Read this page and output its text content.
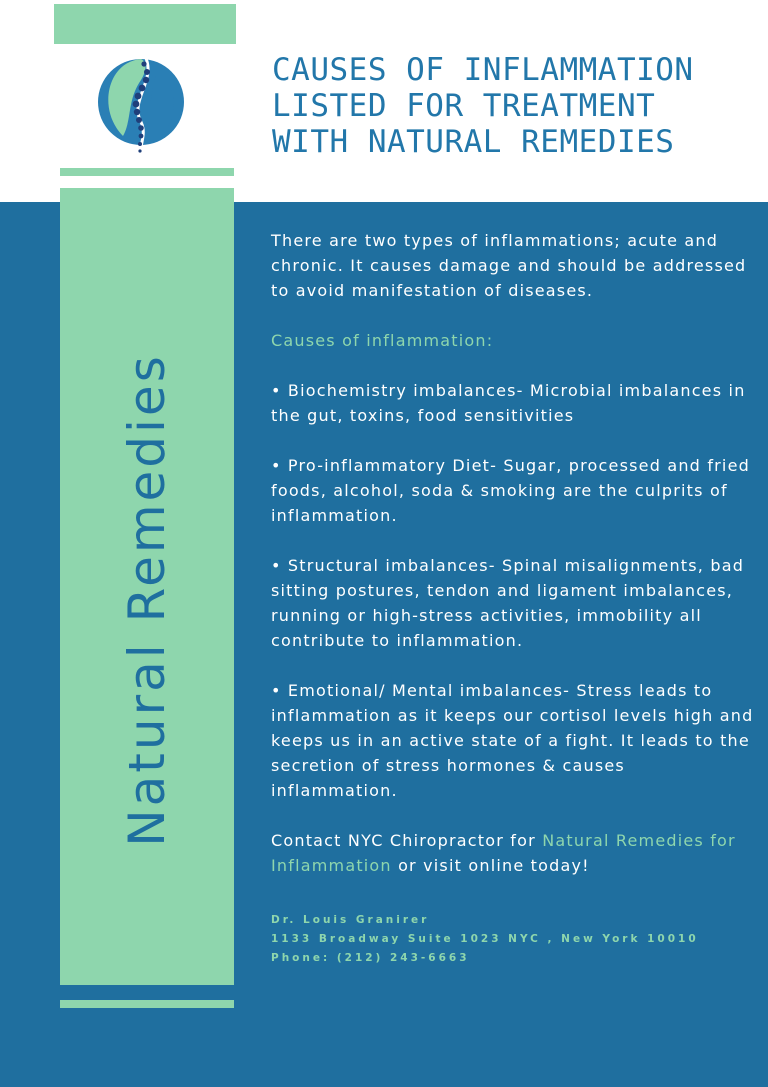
Natural Remedies
CAUSES OF INFLAMMATION
LISTED FOR TREATMENT
WITH NATURAL REMEDIES

There are two types of inflammations; acute and chronic. It causes damage and should be addressed to avoid manifestation of diseases.

Causes of inflammation:

• Biochemistry imbalances- Microbial imbalances in the gut, toxins, food sensitivities

• Pro-inflammatory Diet- Sugar, processed and fried foods, alcohol, soda & smoking are the culprits of inflammation.

• Structural imbalances- Spinal misalignments, bad sitting postures, tendon and ligament imbalances, running or high-stress activities, immobility all contribute to inflammation.

• Emotional/ Mental imbalances- Stress leads to inflammation as it keeps our cortisol levels high and keeps us in an active state of a fight. It leads to the secretion of stress hormones & causes inflammation.

Contact NYC Chiropractor for Natural Remedies for Inflammation or visit online today!

Dr. Louis Granirer
1133 Broadway Suite 1023 NYC , New York 10010
Phone: (212) 243-6663
